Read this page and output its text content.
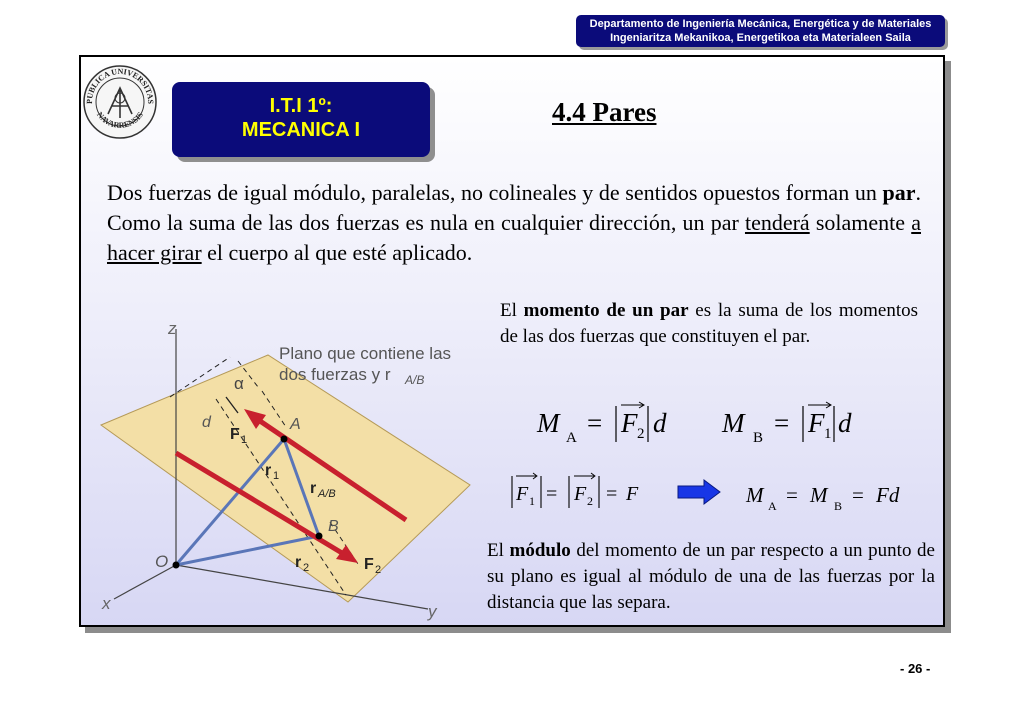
Departamento de Ingeniería Mecánica, Energética y de Materiales
Ingeniaritza Mekanikoa, Energetikoa eta Materialeen Saila
PUBLICA UNIVERSITAS
NAVARRENSIS	I.T.I 1º:
MECANICA I
4.4 Pares
Dos fuerzas de igual módulo, paralelas, no colineales y de sentidos opuestos forman un par. Como la suma de las dos fuerzas es nula en cualquier dirección, un par tenderá solamente a hacer girar el cuerpo al que esté aplicado.
El momento de un par es la suma de los momentos de las dos fuerzas que constituyen el par.
M A = F 2 d M B = F 1 d
F 1 = F 2 = F	M A = M B = Fd
El módulo del momento de un par respecto a un punto de su plano es igual al módulo de una de las fuerzas por la distancia que las separa.
Plano que contiene las
dos fuerzas y r A/B
z
x	y
O
A
B
α
d
F 1
F 2
r 1
r 2
r A/B
- 26 -
